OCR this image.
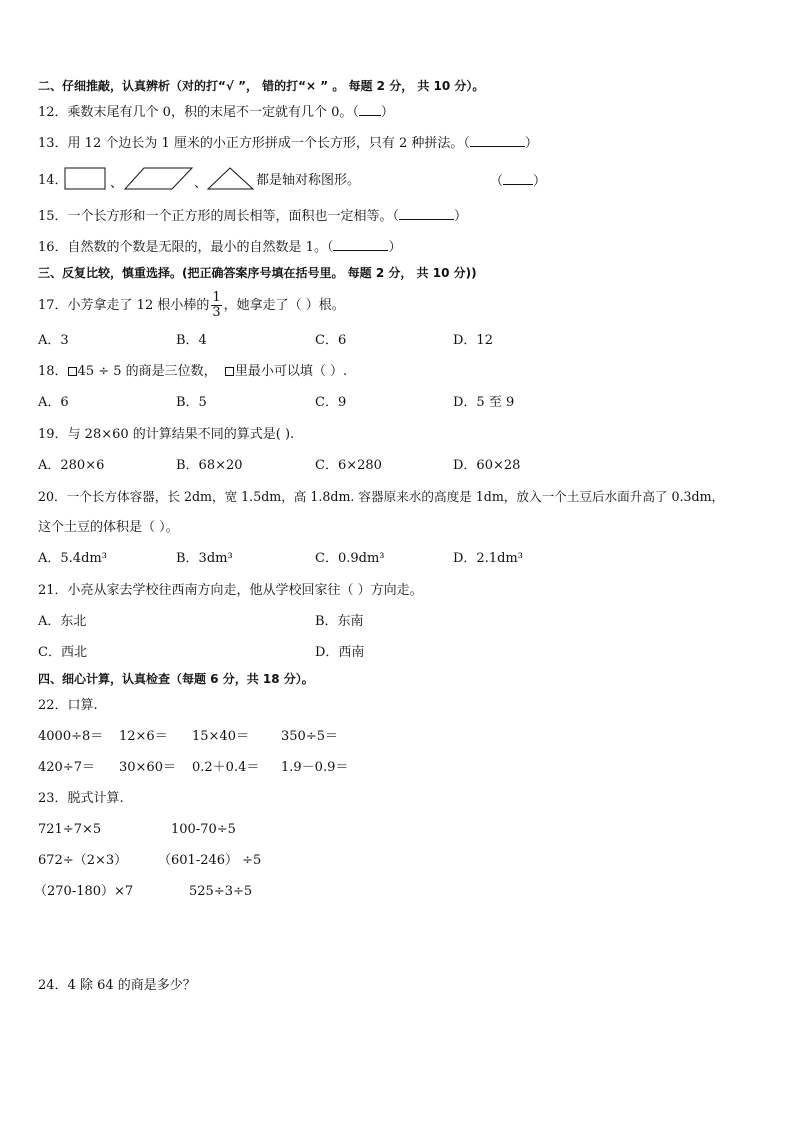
二、仔细推敲，认真辨析（对的打“√ ”， 错的打“× ” 。 每题 2 分， 共 10 分）。
12．乘数末尾有几个 0，积的末尾不一定就有几个 0。（ ）
13．用 12 个边长为 1 厘米的小正方形拼成一个长方形，只有 2 种拼法。（	）
14．	、	、	都是轴对称图形。	（ ）
15．一个长方形和一个正方形的周长相等，面积也一定相等。（	）
16．自然数的个数是无限的，最小的自然数是 1。（	）
三、反复比较，慎重选择。(把正确答案序号填在括号里。 每题 2 分， 共 10 分))
17．小芳拿走了 12 根小棒的 $\frac{1}{3}$ ，她拿走了（ ）根。
A．3	B．4	C．6	D．12
18． 45 ÷ 5 的商是三位数， 里最小可以填（ ）.
A．6	B．5	C．9	D．5 至 9
19．与 28×60 的计算结果不同的算式是( ).
A．280×6	B．68×20	C．6×280	D．60×28
20．一个长方体容器，长 2dm，宽 1.5dm，高 1.8dm. 容器原来水的高度是 1dm，放入一个土豆后水面升高了 0.3dm，
这个土豆的体积是（ ）。
A．5.4dm³	B．3dm³	C．0.9dm³	D．2.1dm³
21．小亮从家去学校往西南方向走，他从学校回家往（ ）方向走。
A．东北	B．东南
C．西北	D．西南
四、细心计算，认真检查（每题 6 分，共 18 分）。
22．口算.
4000÷8＝ 12×6＝ 15×40＝ 350÷5＝
420÷7＝ 30×60＝ 0.2＋0.4＝ 1.9－0.9＝
23．脱式计算.
721÷7×5	100-70÷5
672÷（2×3） （601-246） ÷5
（270-180）×7	525÷3÷5
24．4 除 64 的商是多少？
